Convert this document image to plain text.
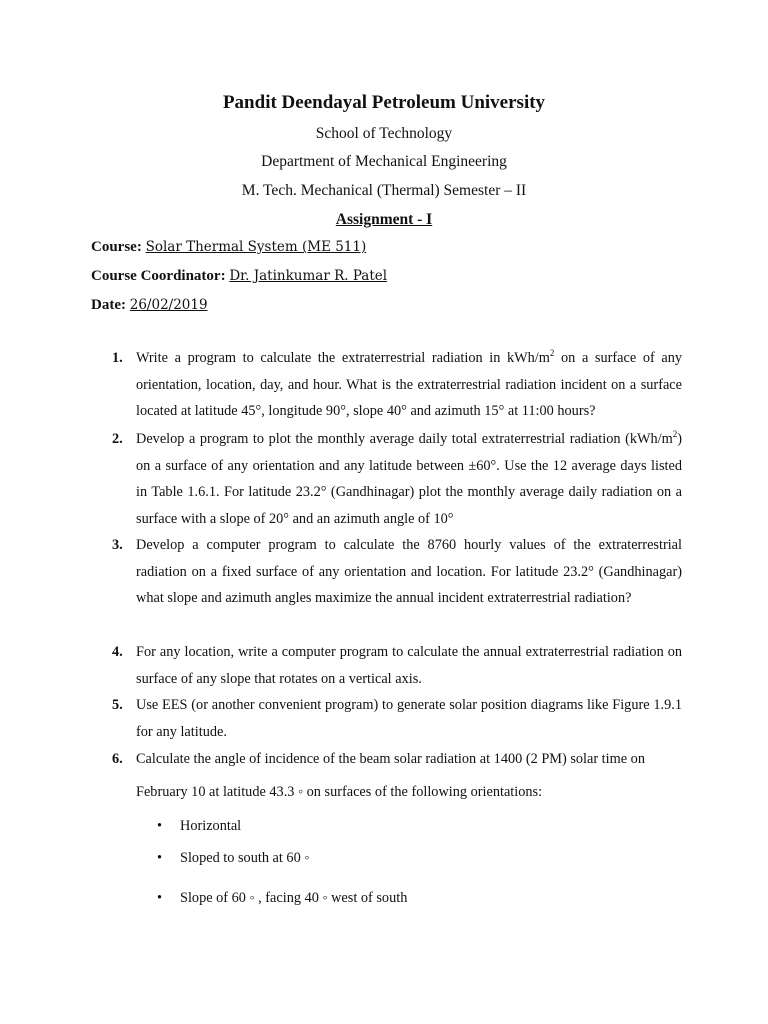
Pandit Deendayal Petroleum University
School of Technology
Department of Mechanical Engineering
M. Tech. Mechanical (Thermal) Semester – II
Assignment - I
Course: Solar Thermal System (ME 511)
Course Coordinator: Dr. Jatinkumar R. Patel
Date: 26/02/2019
1. Write a program to calculate the extraterrestrial radiation in kWh/$m^2$ on a surface of any orientation, location, day, and hour. What is the extraterrestrial radiation incident on a surface located at latitude 45°, longitude 90°, slope 40° and azimuth 15° at 11:00 hours?
2. Develop a program to plot the monthly average daily total extraterrestrial radiation $(kWh/m^2)$ on a surface of any orientation and any latitude between ±60°. Use the 12 average days listed in Table 1.6.1. For latitude 23.2° (Gandhinagar) plot the monthly average daily radiation on a surface with a slope of 20° and an azimuth angle of 10°
3. Develop a computer program to calculate the 8760 hourly values of the extraterrestrial radiation on a fixed surface of any orientation and location. For latitude 23.2° (Gandhinagar) what slope and azimuth angles maximize the annual incident extraterrestrial radiation?
4. For any location, write a computer program to calculate the annual extraterrestrial radiation on surface of any slope that rotates on a vertical axis.
5. Use EES (or another convenient program) to generate solar position diagrams like Figure 1.9.1 for any latitude.
6. Calculate the angle of incidence of the beam solar radiation at 1400 (2 PM) solar time on
February 10 at latitude 43.3 ◦ on surfaces of the following orientations:
• Horizontal
• Sloped to south at 60 ◦
• Slope of 60 ◦ , facing 40 ◦ west of south
